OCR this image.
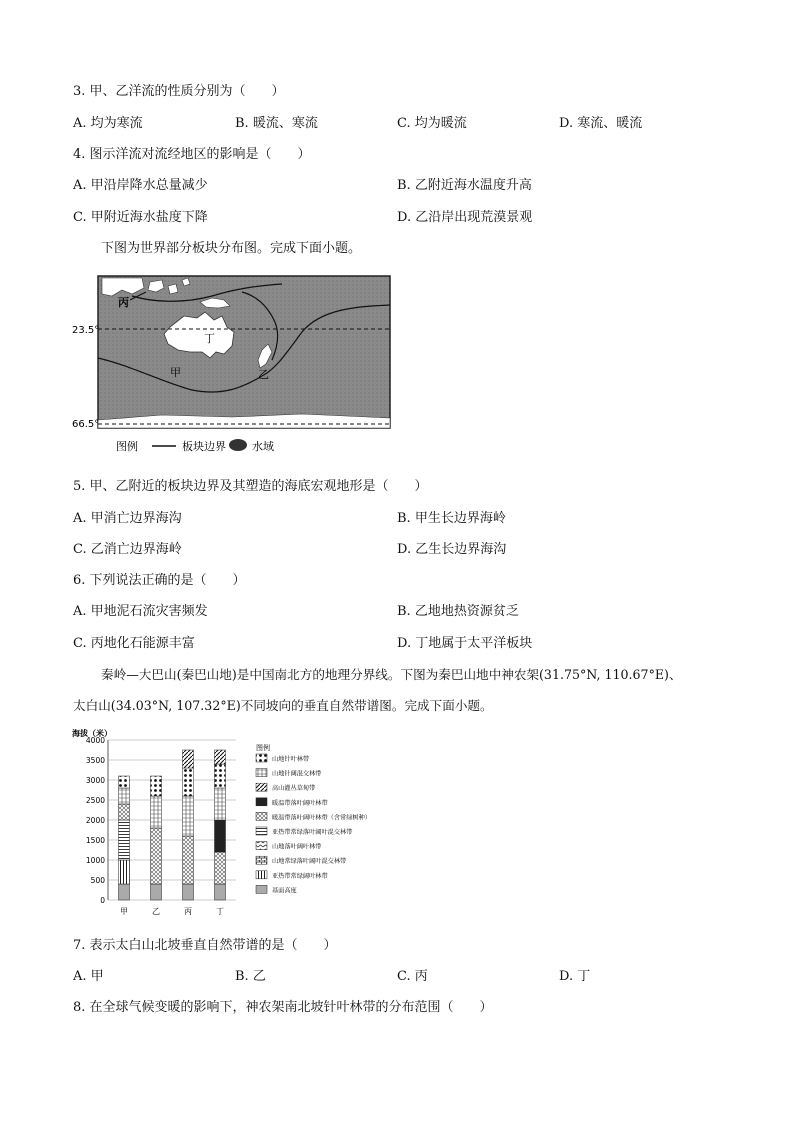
3. 甲、乙洋流的性质分别为（　　）
A. 均为寒流	B. 暖流、寒流	C. 均为暖流	D. 寒流、暖流
4. 图示洋流对流经地区的影响是（　　）
A. 甲沿岸降水总量减少	B. 乙附近海水温度升高
C. 甲附近海水盐度下降	D. 乙沿岸出现荒漠景观
下图为世界部分板块分布图。完成下面小题。
23.5°
66.5°
丙
丁
甲	乙
图例	板块边界 水域
5. 甲、乙附近的板块边界及其塑造的海底宏观地形是（　　）
A. 甲消亡边界海沟	B. 甲生长边界海岭
C. 乙消亡边界海岭	D. 乙生长边界海沟
6. 下列说法正确的是（　　）
A. 甲地泥石流灾害频发	B. 乙地地热资源贫乏
C. 丙地化石能源丰富	D. 丁地属于太平洋板块
秦岭—大巴山(秦巴山地)是中国南北方的地理分界线。下图为秦巴山地中神农架(31.75°N, 110.67°E)、
太白山(34.03°N, 107.32°E)不同坡向的垂直自然带谱图。完成下面小题。
海拔（米）
0
500
1000
1500
2000
2500
3000
3500
4000
甲	乙	丙	丁
图例
山地针叶林带
山地针阔混交林带
高山灌丛草甸带
暖温带落叶阔叶林带
暖温带落叶阔叶林带（含常绿树种）
亚热带常绿落叶阔叶混交林带
山地落叶阔叶林带
山地常绿落叶阔叶混交林带
亚热带常绿阔叶林带
基面高度
7. 表示太白山北坡垂直自然带谱的是（　　）
A. 甲	B. 乙	C. 丙	D. 丁
8. 在全球气候变暖的影响下，神农架南北坡针叶林带的分布范围（　　）
